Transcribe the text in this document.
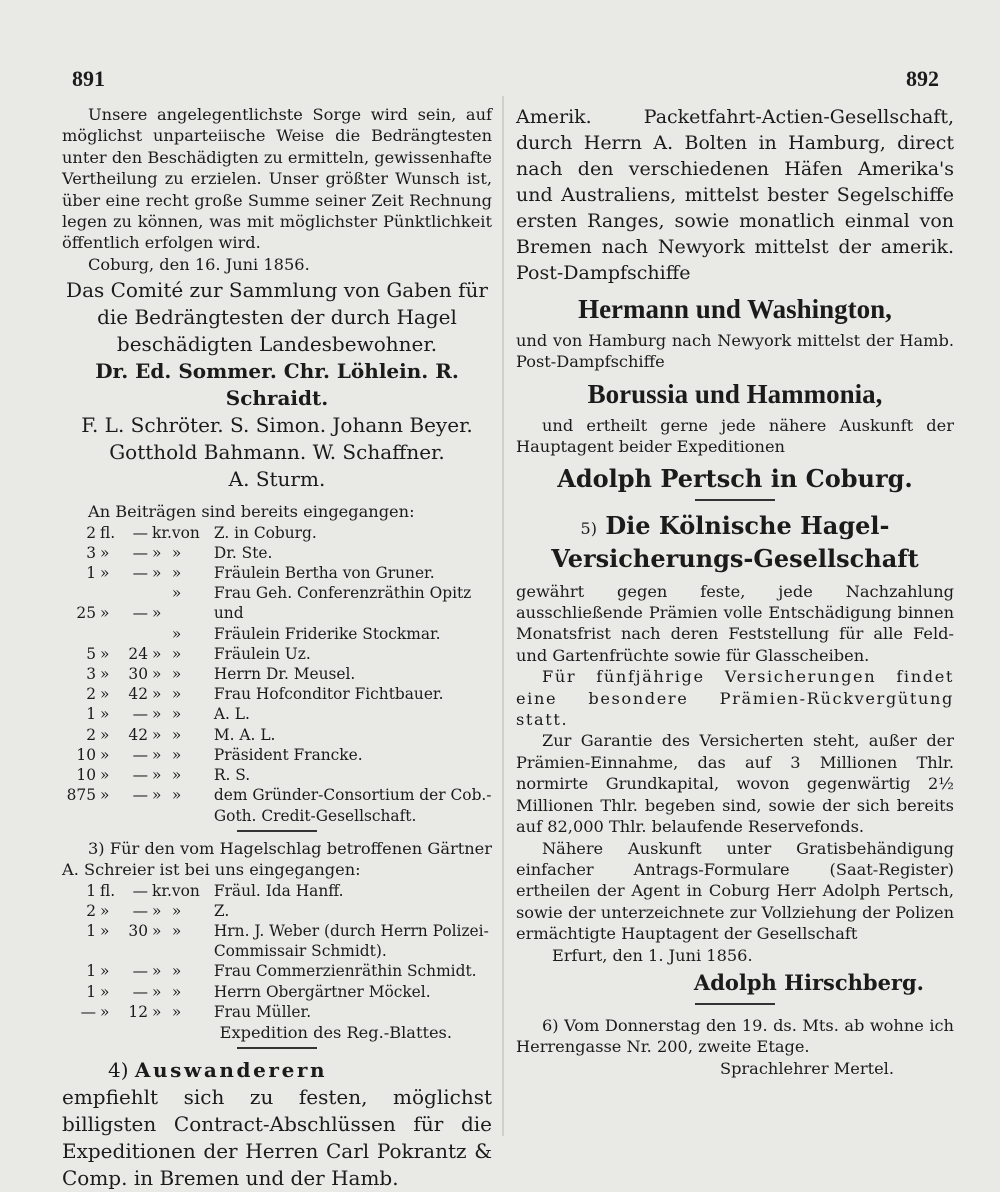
891	892

Unsere angelegentlichste Sorge wird sein, auf möglichst unparteiische Weise die Bedrängtesten unter den Beschädigten zu ermitteln, gewissenhafte Vertheilung zu erzielen. Unser größter Wunsch ist, über eine recht große Summe seiner Zeit Rechnung legen zu können, was mit möglichster Pünktlichkeit öffentlich erfolgen wird.

Coburg, den 16. Juni 1856.

Das Comité zur Sammlung von Gaben für die Bedrängtesten der durch Hagel beschädigten Landesbewohner.

Dr. Ed. Sommer. Chr. Löhlein. R. Schraidt.

F. L. Schröter. S. Simon. Johann Beyer.

Gotthold Bahmann. W. Schaffner.

A. Sturm.

An Beiträgen sind bereits eingegangen:

2	fl.	—	kr.	von	Z. in Coburg.
3	»	—	»	»	Dr. Ste.
1	»	—	»	»	Fräulein Bertha von Gruner.
				»	Frau Geh. Conferenzräthin Opitz
25	»	—	»		und
				»	Fräulein Friderike Stockmar.
5	»	24	»	»	Fräulein Uz.
3	»	30	»	»	Herrn Dr. Meusel.
2	»	42	»	»	Frau Hofconditor Fichtbauer.
1	»	—	»	»	A. L.
2	»	42	»	»	M. A. L.
10	»	—	»	»	Präsident Francke.
10	»	—	»	»	R. S.
875	»	—	»	»	dem Gründer-Consortium der Cob.-Goth. Credit-Gesellschaft.

3) Für den vom Hagelschlag betroffenen Gärtner A. Schreier ist bei uns eingegangen:

1	fl.	—	kr.	von	Fräul. Ida Hanff.
2	»	—	»	»	Z.
1	»	30	»	»	Hrn. J. Weber (durch Herrn Polizei-Commissair Schmidt).
1	»	—	»	»	Frau Commerzienräthin Schmidt.
1	»	—	»	»	Herrn Obergärtner Möckel.
—	»	12	»	»	Frau Müller.

Expedition des Reg.-Blattes.

4) Auswanderern

empfiehlt sich zu festen, möglichst billigsten Contract-Abschlüssen für die Expeditionen der Herren Carl Pokrantz & Comp. in Bremen und der Hamb.

Amerik. Packetfahrt-Actien-Gesellschaft, durch Herrn A. Bolten in Hamburg, direct nach den verschiedenen Häfen Amerika's und Australiens, mittelst bester Segelschiffe ersten Ranges, sowie monatlich einmal von Bremen nach Newyork mittelst der amerik. Post-Dampfschiffe

Hermann und Washington,

und von Hamburg nach Newyork mittelst der Hamb. Post-Dampfschiffe

Borussia und Hammonia,

und ertheilt gerne jede nähere Auskunft der Hauptagent beider Expeditionen

Adolph Pertsch in Coburg.

5) Die Kölnische Hagel-Versicherungs-Gesellschaft

gewährt gegen feste, jede Nachzahlung ausschließende Prämien volle Entschädigung binnen Monatsfrist nach deren Feststellung für alle Feld- und Gartenfrüchte sowie für Glasscheiben.

Für fünfjährige Versicherungen findet eine besondere Prämien-Rückvergütung statt.

Zur Garantie des Versicherten steht, außer der Prämien-Einnahme, das auf 3 Millionen Thlr. normirte Grundkapital, wovon gegenwärtig 2½ Millionen Thlr. begeben sind, sowie der sich bereits auf 82,000 Thlr. belaufende Reservefonds.

Nähere Auskunft unter Gratisbehändigung einfacher Antrags-Formulare (Saat-Register) ertheilen der Agent in Coburg Herr Adolph Pertsch, sowie der unterzeichnete zur Vollziehung der Polizen ermächtigte Hauptagent der Gesellschaft

Erfurt, den 1. Juni 1856.

Adolph Hirschberg.

6) Vom Donnerstag den 19. ds. Mts. ab wohne ich Herrengasse Nr. 200, zweite Etage.

Sprachlehrer Mertel.
